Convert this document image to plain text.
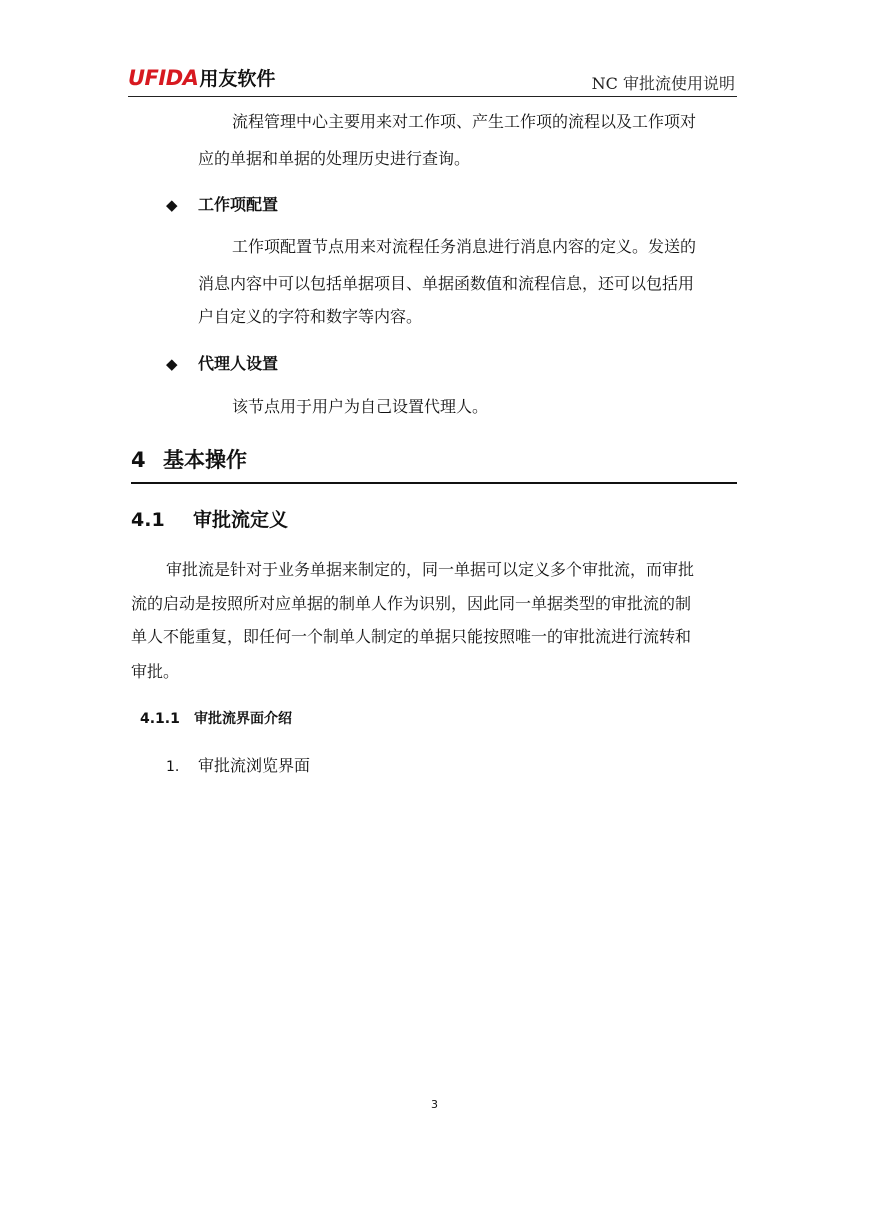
UFIDA 用友软件	NC 审批流使用说明

流程管理中心主要用来对工作项、产生工作项的流程以及工作项对

应的单据和单据的处理历史进行查询。

◆ 工作项配置

工作项配置节点用来对流程任务消息进行消息内容的定义。发送的

消息内容中可以包括单据项目、单据函数值和流程信息，还可以包括用

户自定义的字符和数字等内容。

◆ 代理人设置

该节点用于用户为自己设置代理人。

4 基本操作
4.1 审批流定义

审批流是针对于业务单据来制定的，同一单据可以定义多个审批流，而审批

流的启动是按照所对应单据的制单人作为识别，因此同一单据类型的审批流的制

单人不能重复，即任何一个制单人制定的单据只能按照唯一的审批流进行流转和

审批。

4.1.1 审批流界面介绍
1. 审批流浏览界面
3
